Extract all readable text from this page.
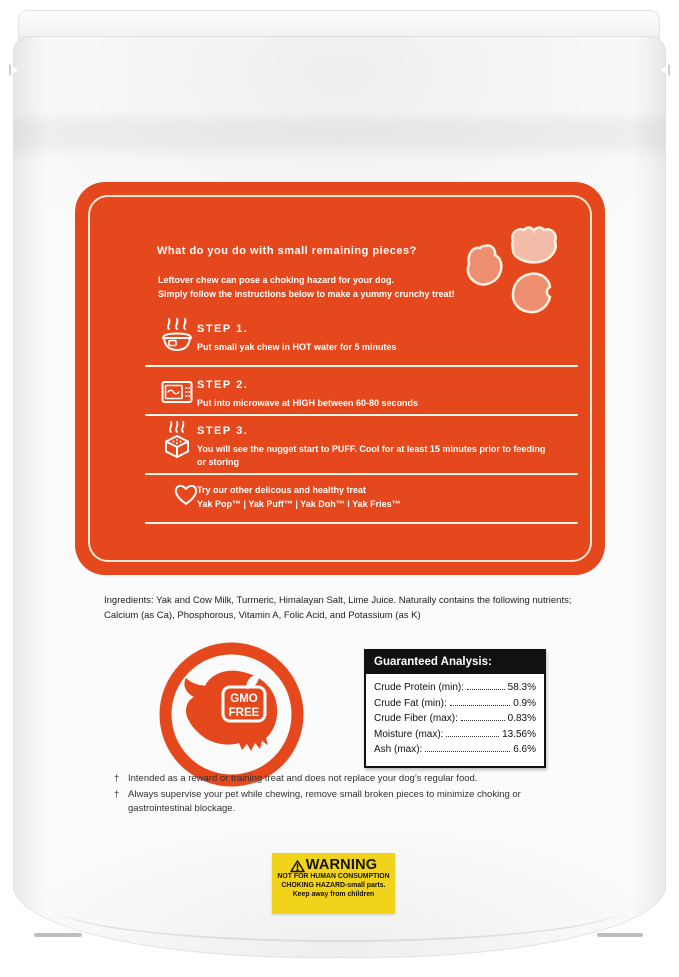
What do you do with small remaining pieces?
Leftover chew can pose a choking hazard for your dog.
Simply follow the instructions below to make a yummy crunchy treat!
STEP 1.
Put small yak chew in HOT water for 5 minutes
STEP 2.
Put into microwave at HIGH between 60-80 seconds
STEP 3.
You will see the nugget start to PUFF. Cool for at least 15 minutes prior to feeding or storing
Try our other delicous and healthy treat
Yak Pop™ | Yak Puff™ | Yak Doh™ I Yak Fries™
Ingredients: Yak and Cow Milk, Turmeric, Himalayan Salt, Lime Juice. Naturally contains the following nutrients; Calcium (as Ca), Phosphorous, Vitamin A, Folic Acid, and Potassium (as K)
GMO
FREE
Guaranteed Analysis:
Crude Protein (min):	58.3%
Crude Fat (min):	0.9%
Crude Fiber (max):	0.83%
Moisture (max):	13.56%
Ash (max):	6.6%
† Intended as a reward or training treat and does not replace your dog’s regular food.
† Always supervise your pet while chewing, remove small broken pieces to minimize choking or gastrointestinal blockage.
WARNING
NOT FOR HUMAN CONSUMPTION
CHOKING HAZARD-small parts.
Keep away from children
